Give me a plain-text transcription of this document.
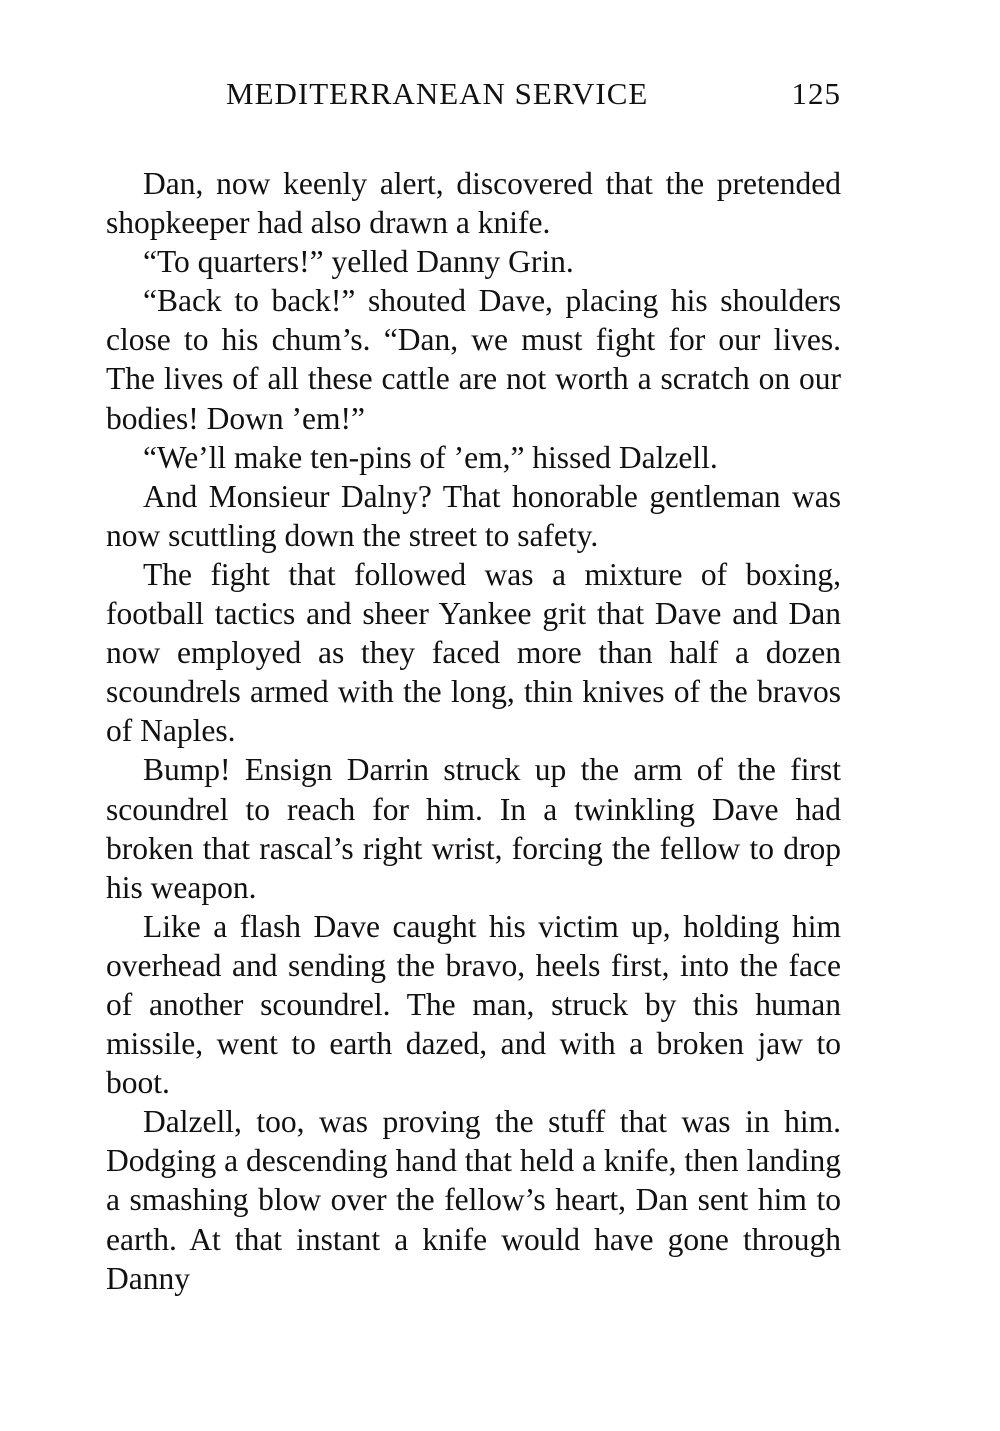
MEDITERRANEAN SERVICE	125

Dan, now keenly alert, discovered that the pretended shopkeeper had also drawn a knife.

“To quarters!” yelled Danny Grin.

“Back to back!” shouted Dave, placing his shoulders close to his chum’s. “Dan, we must fight for our lives. The lives of all these cattle are not worth a scratch on our bodies! Down ’em!”

“We’ll make ten-pins of ’em,” hissed Dalzell.

And Monsieur Dalny? That honorable gentleman was now scuttling down the street to safety.

The fight that followed was a mixture of boxing, football tactics and sheer Yankee grit that Dave and Dan now employed as they faced more than half a dozen scoundrels armed with the long, thin knives of the bravos of Naples.

Bump! Ensign Darrin struck up the arm of the first scoundrel to reach for him. In a twinkling Dave had broken that rascal’s right wrist, forcing the fellow to drop his weapon.

Like a flash Dave caught his victim up, holding him overhead and sending the bravo, heels first, into the face of another scoundrel. The man, struck by this human missile, went to earth dazed, and with a broken jaw to boot.

Dalzell, too, was proving the stuff that was in him. Dodging a descending hand that held a knife, then landing a smashing blow over the fellow’s heart, Dan sent him to earth. At that instant a knife would have gone through Danny
